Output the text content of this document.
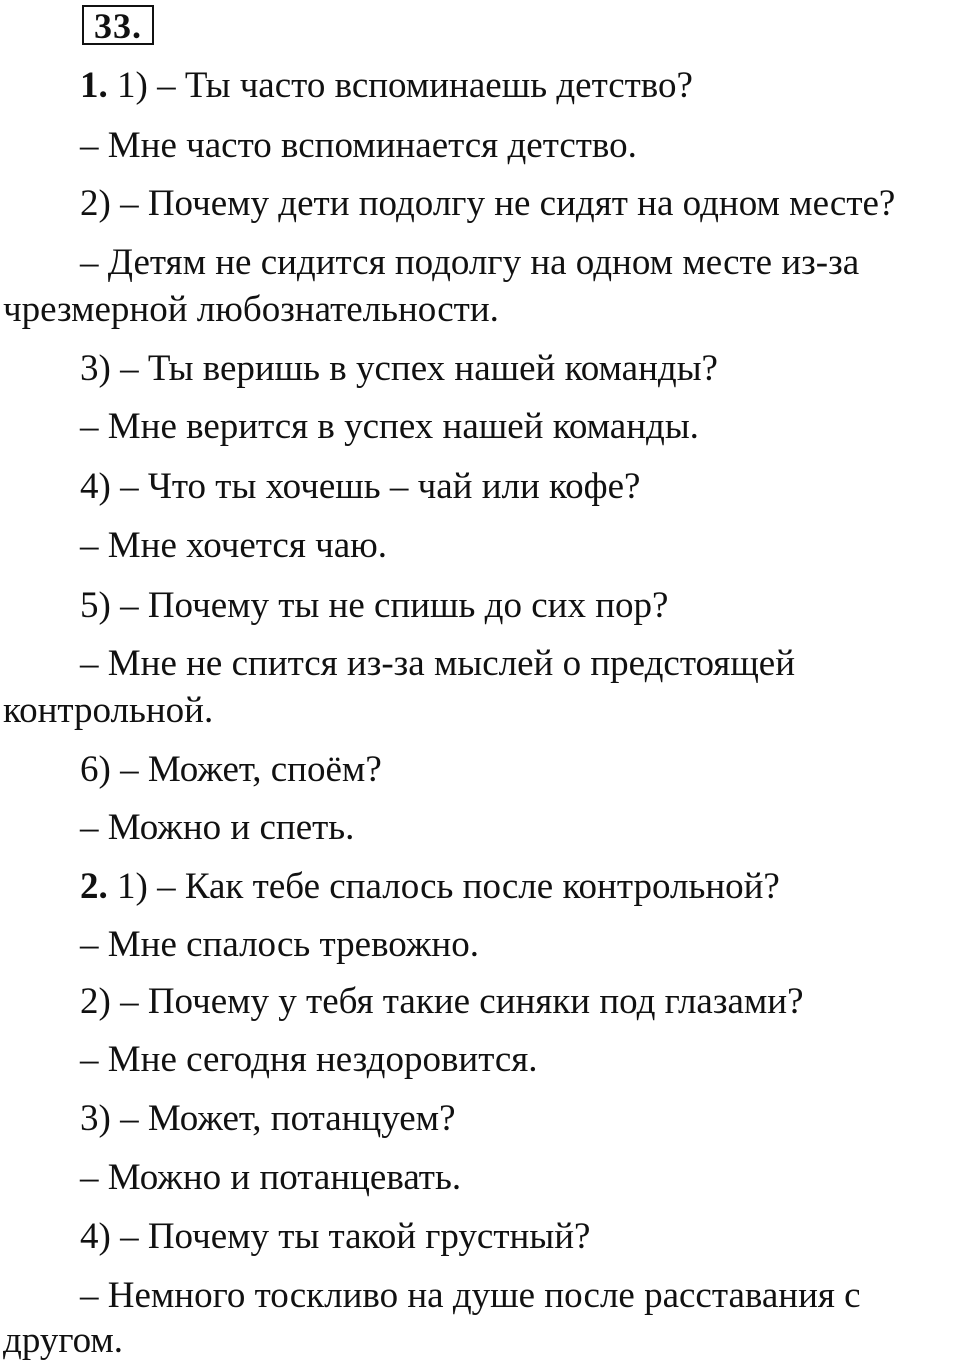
33.
1. 1) – Ты часто вспоминаешь детство?
– Мне часто вспоминается детство.
2) – Почему дети подолгу не сидят на одном месте?
– Детям не сидится подолгу на одном месте из-за
чрезмерной любознательности.
3) – Ты веришь в успех нашей команды?
– Мне верится в успех нашей команды.
4) – Что ты хочешь – чай или кофе?
– Мне хочется чаю.
5) – Почему ты не спишь до сих пор?
– Мне не спится из-за мыслей о предстоящей
контрольной.
6) – Может, споём?
– Можно и спеть.
2. 1) – Как тебе спалось после контрольной?
– Мне спалось тревожно.
2) – Почему у тебя такие синяки под глазами?
– Мне сегодня нездоровится.
3) – Может, потанцуем?
– Можно и потанцевать.
4) – Почему ты такой грустный?
– Немного тоскливо на душе после расставания с
другом.
